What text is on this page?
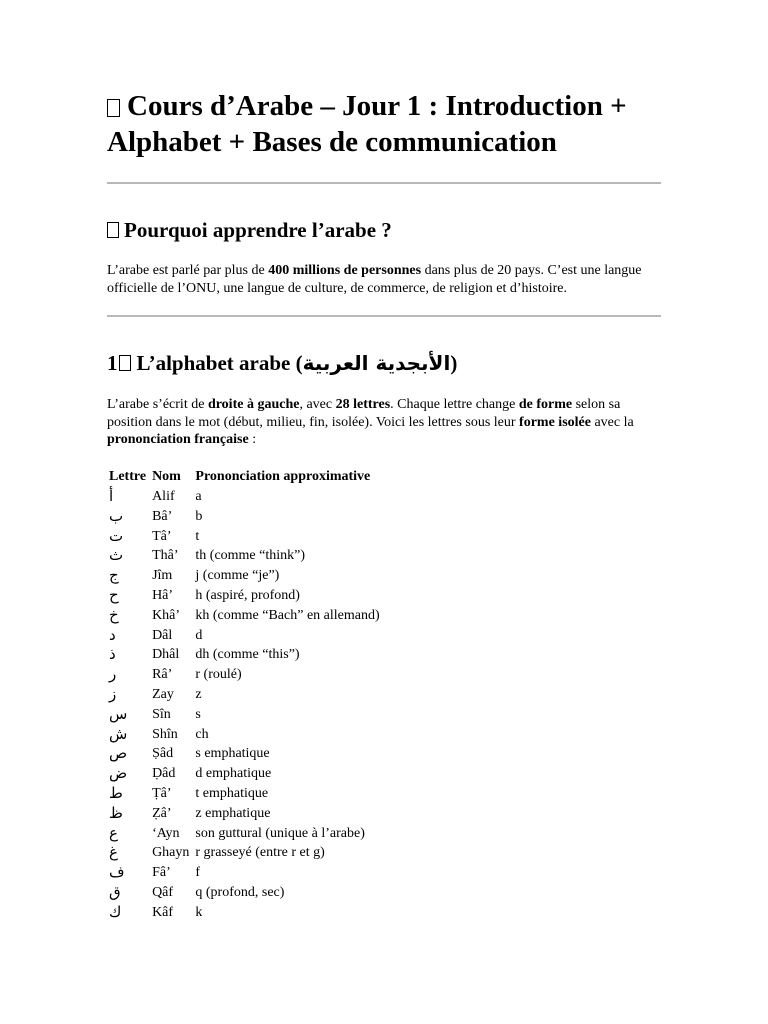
Cours d’Arabe – Jour 1 : Introduction + Alphabet + Bases de communication
Pourquoi apprendre l’arabe ?

L’arabe est parlé par plus de 400 millions de personnes dans plus de 20 pays. C’est une langue officielle de l’ONU, une langue de culture, de commerce, de religion et d’histoire.

1 L’alphabet arabe (الأبجدية العربية)

L’arabe s’écrit de droite à gauche, avec 28 lettres. Chaque lettre change de forme selon sa position dans le mot (début, milieu, fin, isolée). Voici les lettres sous leur forme isolée avec la prononciation française :

Lettre	Nom	Prononciation approximative
أ	Alif	a
ب	Bâ’	b
ت	Tâ’	t
ث	Thâ’	th (comme “think”)
ج	Jîm	j (comme “je”)
ح	Hâ’	h (aspiré, profond)
خ	Khâ’	kh (comme “Bach” en allemand)
د	Dâl	d
ذ	Dhâl	dh (comme “this”)
ر	Râ’	r (roulé)
ز	Zay	z
س	Sîn	s
ش	Shîn	ch
ص	Ṣâd	s emphatique
ض	Ḍâd	d emphatique
ط	Ṭâ’	t emphatique
ظ	Ẓâ’	z emphatique
ع	‘Ayn	son guttural (unique à l’arabe)
غ	Ghayn	r grasseyé (entre r et g)
ف	Fâ’	f
ق	Qâf	q (profond, sec)
ك	Kâf	k
